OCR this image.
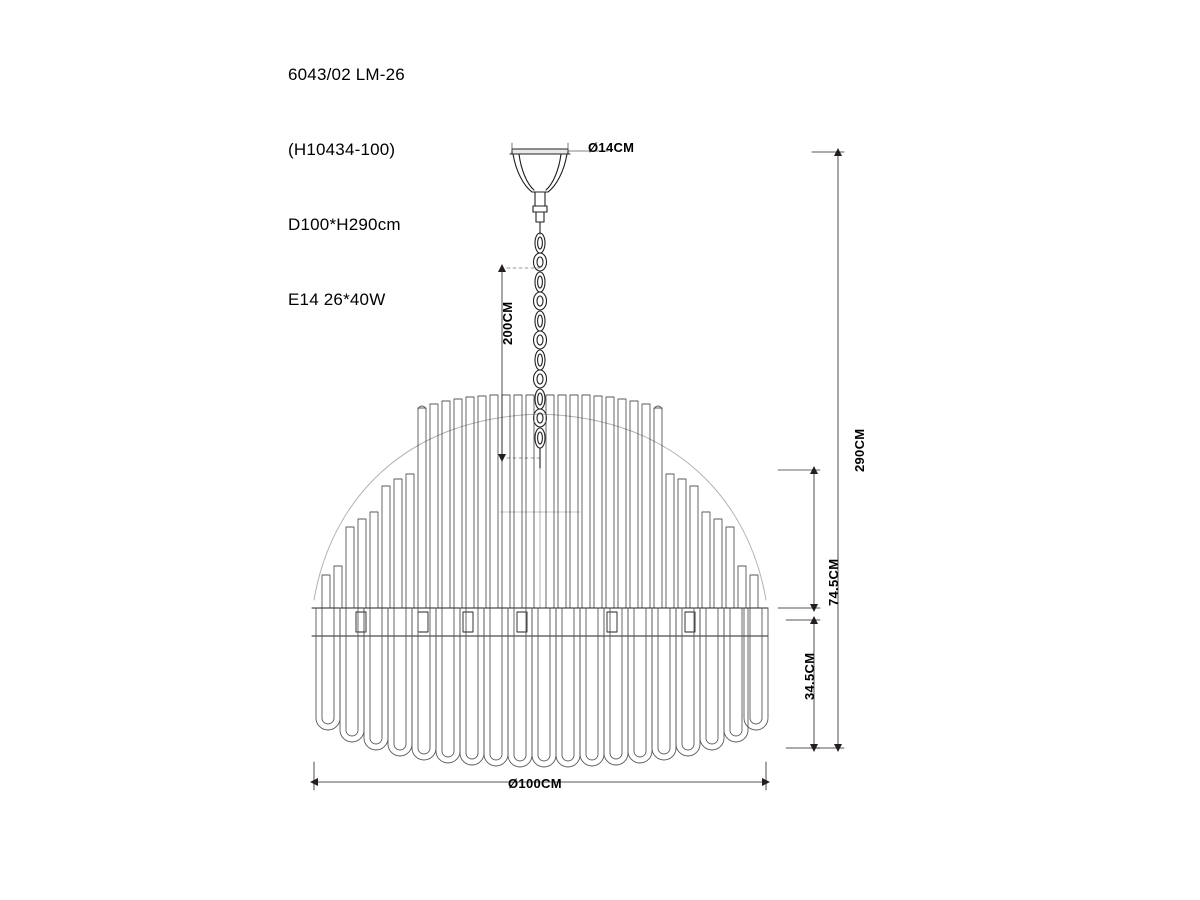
6043/02 LM-26

(H10434-100)

D100*H290cm

E14 26*40W

Ø14CM
200CM
290CM
74.5CM
34.5CM
Ø100CM
